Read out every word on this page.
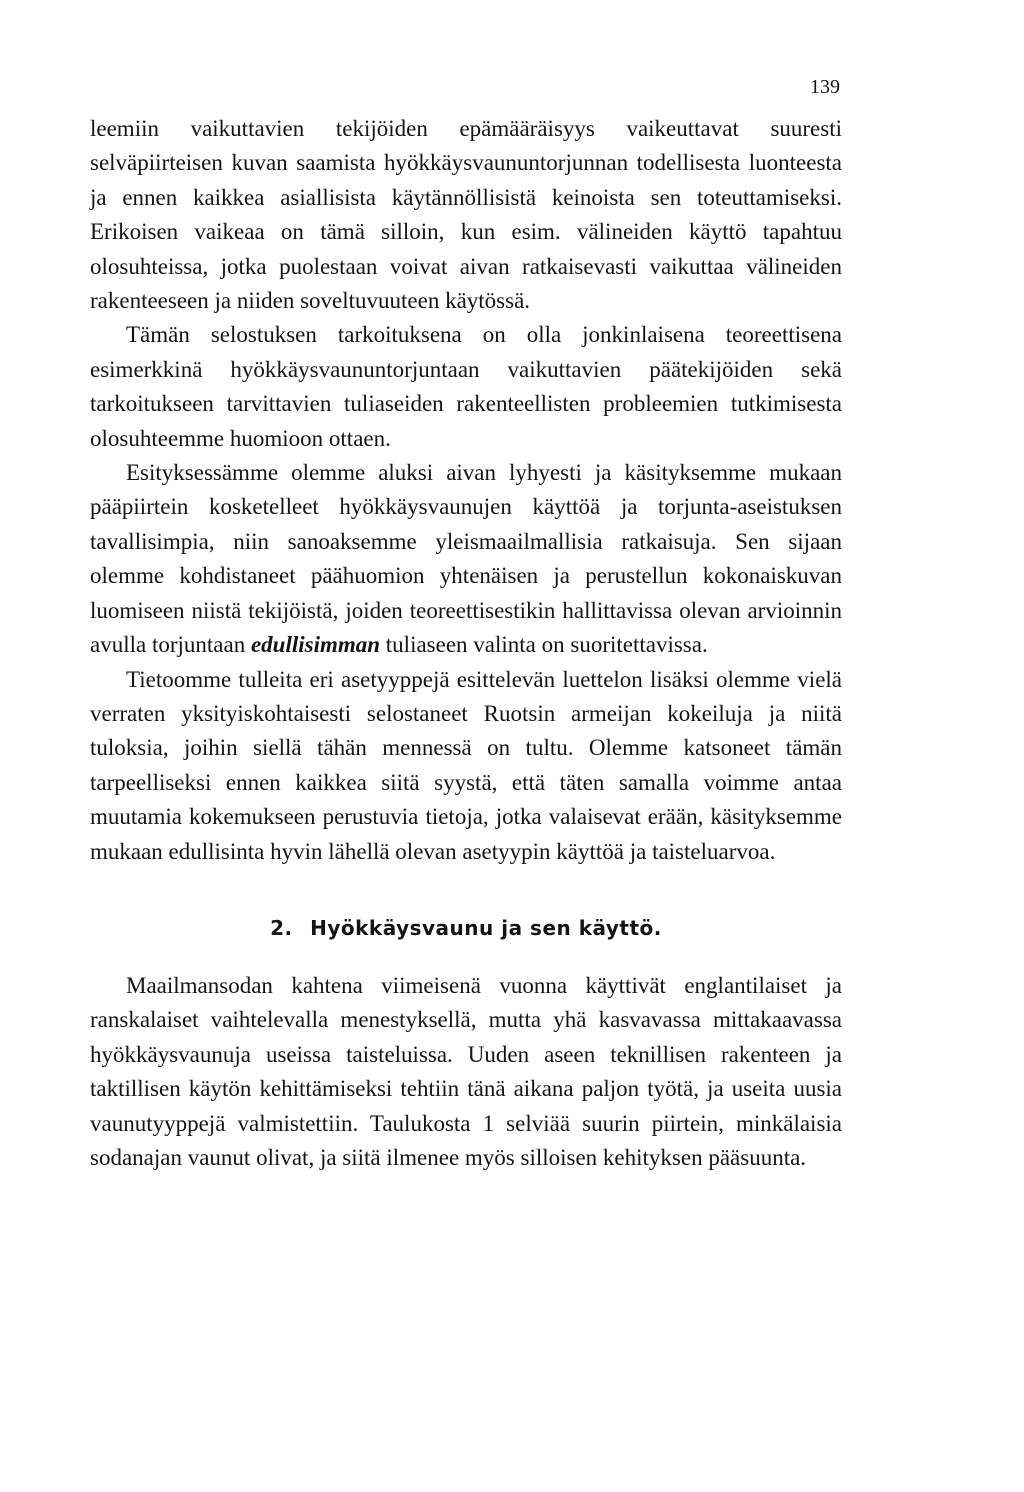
139

leemiin vaikuttavien tekijöiden epämääräisyys vaikeuttavat suuresti selväpiirteisen kuvan saamista hyökkäysvaununtorjunnan todellisesta luonteesta ja ennen kaikkea asiallisista käytännöllisistä keinoista sen toteuttamiseksi. Erikoisen vaikeaa on tämä silloin, kun esim. välineiden käyttö tapahtuu olosuhteissa, jotka puolestaan voivat aivan ratkaisevasti vaikuttaa välineiden rakenteeseen ja niiden soveltuvuuteen käytössä.

Tämän selostuksen tarkoituksena on olla jonkinlaisena teoreettisena esimerkkinä hyökkäysvaununtorjuntaan vaikuttavien päätekijöiden sekä tarkoitukseen tarvittavien tuliaseiden rakenteellisten probleemien tutkimisesta olosuhteemme huomioon ottaen.

Esityksessämme olemme aluksi aivan lyhyesti ja käsityksemme mukaan pääpiirtein kosketelleet hyökkäysvaunujen käyttöä ja torjunta-aseistuksen tavallisimpia, niin sanoaksemme yleismaailmallisia ratkaisuja. Sen sijaan olemme kohdistaneet päähuomion yhtenäisen ja perustellun kokonaiskuvan luomiseen niistä tekijöistä, joiden teoreettisestikin hallittavissa olevan arvioinnin avulla torjuntaan edullisimman tuliaseen valinta on suoritettavissa.

Tietoomme tulleita eri asetyyppejä esittelevän luettelon lisäksi olemme vielä verraten yksityiskohtaisesti selostaneet Ruotsin armeijan kokeiluja ja niitä tuloksia, joihin siellä tähän mennessä on tultu. Olemme katsoneet tämän tarpeelliseksi ennen kaikkea siitä syystä, että täten samalla voimme antaa muutamia kokemukseen perustuvia tietoja, jotka valaisevat erään, käsityksemme mukaan edullisinta hyvin lähellä olevan asetyypin käyttöä ja taisteluarvoa.

2. Hyökkäysvaunu ja sen käyttö.

Maailmansodan kahtena viimeisenä vuonna käyttivät englantilaiset ja ranskalaiset vaihtelevalla menestyksellä, mutta yhä kasvavassa mittakaavassa hyökkäysvaunuja useissa taisteluissa. Uuden aseen teknillisen rakenteen ja taktillisen käytön kehittämiseksi tehtiin tänä aikana paljon työtä, ja useita uusia vaunutyyppejä valmistettiin. Taulukosta 1 selviää suurin piirtein, minkälaisia sodanajan vaunut olivat, ja siitä ilmenee myös silloisen kehityksen pääsuunta.
